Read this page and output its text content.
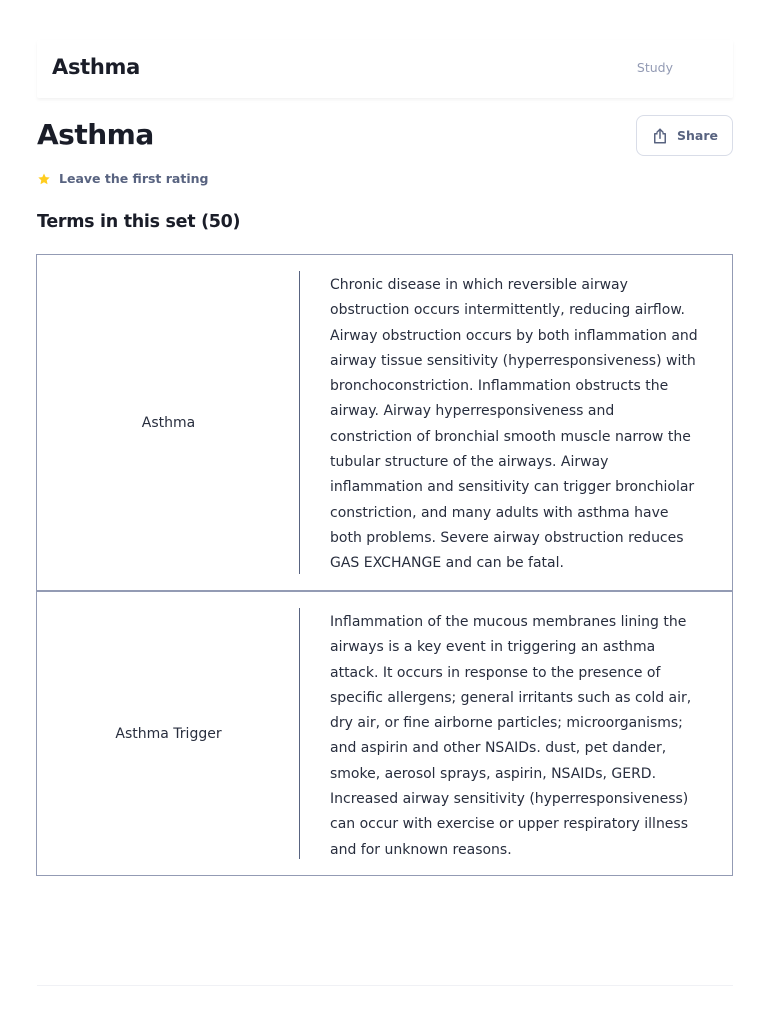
Asthma	Study
Asthma	Share
Leave the first rating
Terms in this set (50)
Asthma
Chronic disease in which reversible airway obstruction occurs intermittently, reducing airflow. Airway obstruction occurs by both inflammation and airway tissue sensitivity (hyperresponsiveness) with bronchoconstriction. Inflammation obstructs the airway. Airway hyperresponsiveness and constriction of bronchial smooth muscle narrow the tubular structure of the airways. Airway inflammation and sensitivity can trigger bronchiolar constriction, and many adults with asthma have both problems. Severe airway obstruction reduces GAS EXCHANGE and can be fatal.
Asthma Trigger
Inflammation of the mucous membranes lining the airways is a key event in triggering an asthma attack. It occurs in response to the presence of specific allergens; general irritants such as cold air, dry air, or fine airborne particles; microorganisms; and aspirin and other NSAIDs. dust, pet dander, smoke, aerosol sprays, aspirin, NSAIDs, GERD. Increased airway sensitivity (hyperresponsiveness) can occur with exercise or upper respiratory illness and for unknown reasons.
